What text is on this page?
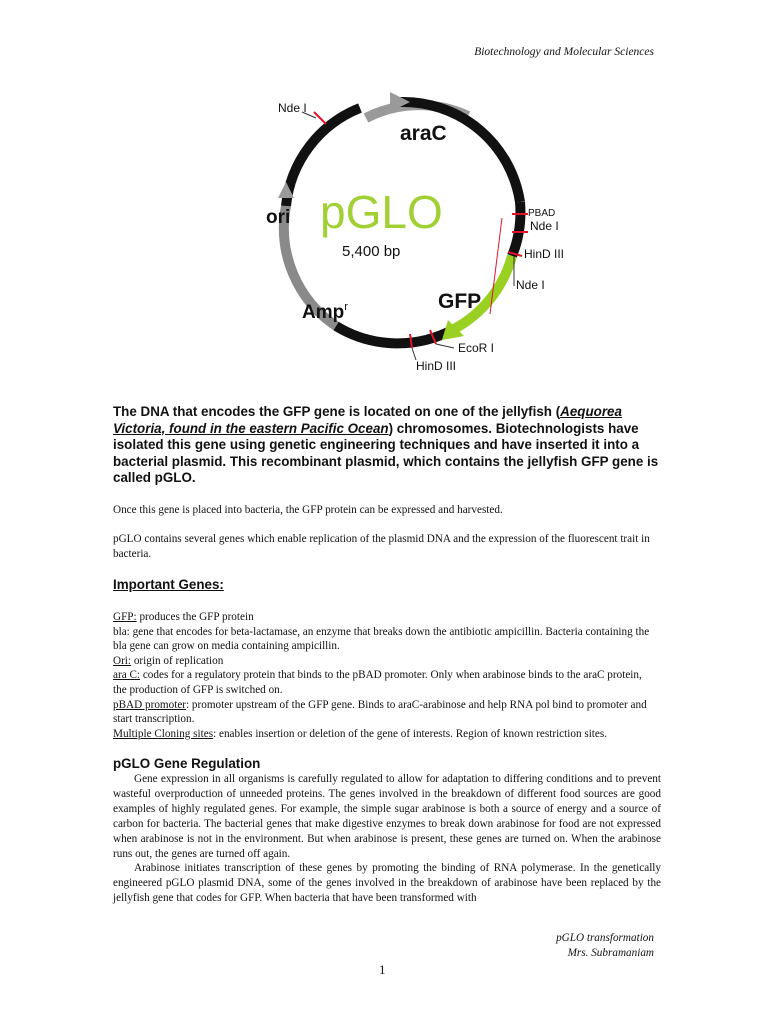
Biotechnology and Molecular Sciences
Nde I
araC
ori pGLO
5,400 bp
PBAD
Nde I
HinD III
Nde I
GFP
Amp$^r$
EcoR I
HinD III
The DNA that encodes the GFP gene is located on one of the jellyfish (Aequorea Victoria, found in the eastern Pacific Ocean) chromosomes. Biotechnologists have isolated this gene using genetic engineering techniques and have inserted it into a bacterial plasmid. This recombinant plasmid, which contains the jellyfish GFP gene is called pGLO.
Once this gene is placed into bacteria, the GFP protein can be expressed and harvested.
pGLO contains several genes which enable replication of the plasmid DNA and the expression of the fluorescent trait in bacteria.
Important Genes:
GFP: produces the GFP protein
bla: gene that encodes for beta-lactamase, an enzyme that breaks down the antibiotic ampicillin. Bacteria containing the bla gene can grow on media containing ampicillin.
Ori: origin of replication
ara C: codes for a regulatory protein that binds to the pBAD promoter. Only when arabinose binds to the araC protein, the production of GFP is switched on.
pBAD promoter: promoter upstream of the GFP gene. Binds to araC-arabinose and help RNA pol bind to promoter and start transcription.
Multiple Cloning sites: enables insertion or deletion of the gene of interests. Region of known restriction sites.
pGLO Gene Regulation

Gene expression in all organisms is carefully regulated to allow for adaptation to differing conditions and to prevent wasteful overproduction of unneeded proteins. The genes involved in the breakdown of different food sources are good examples of highly regulated genes. For example, the simple sugar arabinose is both a source of energy and a source of carbon for bacteria. The bacterial genes that make digestive enzymes to break down arabinose for food are not expressed when arabinose is not in the environment. But when arabinose is present, these genes are turned on. When the arabinose runs out, the genes are turned off again.

Arabinose initiates transcription of these genes by promoting the binding of RNA polymerase. In the genetically engineered pGLO plasmid DNA, some of the genes involved in the breakdown of arabinose have been replaced by the jellyfish gene that codes for GFP. When bacteria that have been transformed with

pGLO transformation
Mrs. Subramaniam
1
